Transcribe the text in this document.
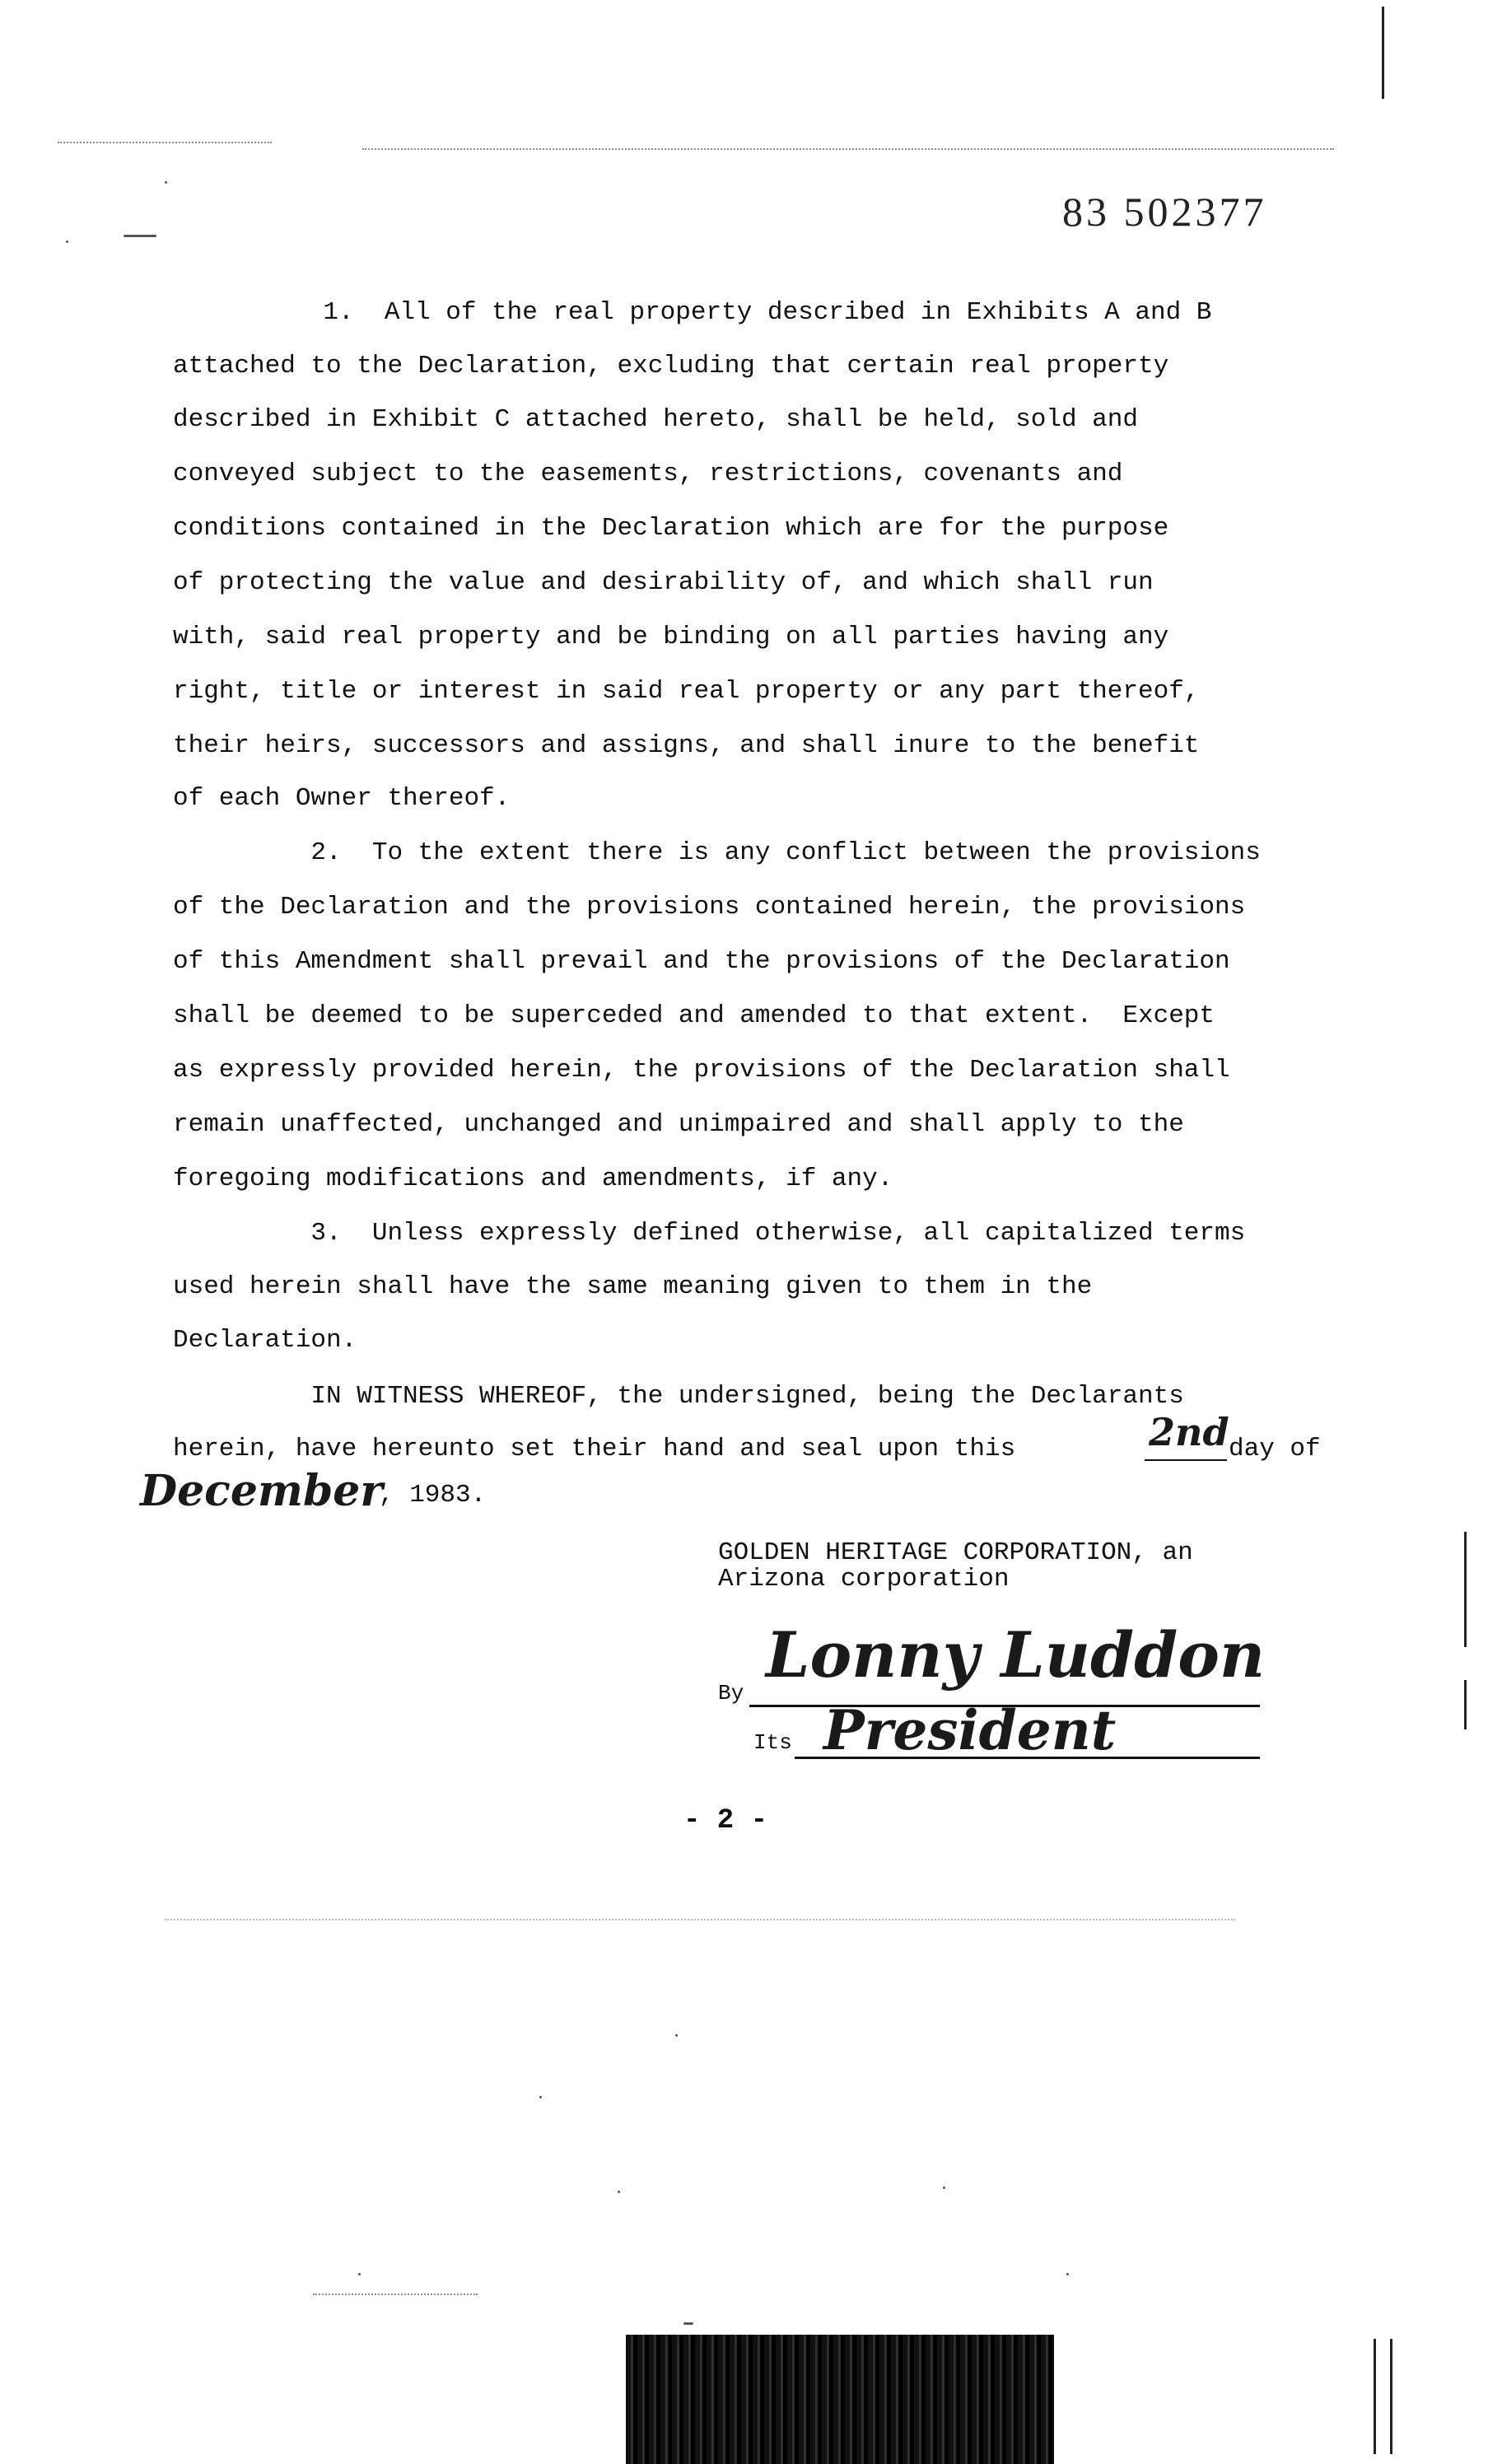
83 502377
1.  All of the real property described in Exhibits A and B
attached to the Declaration, excluding that certain real property
described in Exhibit C attached hereto, shall be held, sold and
conveyed subject to the easements, restrictions, covenants and
conditions contained in the Declaration which are for the purpose
of protecting the value and desirability of, and which shall run
with, said real property and be binding on all parties having any
right, title or interest in said real property or any part thereof,
their heirs, successors and assigns, and shall inure to the benefit
of each Owner thereof.
2.  To the extent there is any conflict between the provisions
of the Declaration and the provisions contained herein, the provisions
of this Amendment shall prevail and the provisions of the Declaration
shall be deemed to be superceded and amended to that extent.  Except
as expressly provided herein, the provisions of the Declaration shall
remain unaffected, unchanged and unimpaired and shall apply to the
foregoing modifications and amendments, if any.
3.  Unless expressly defined otherwise, all capitalized terms
used herein shall have the same meaning given to them in the
Declaration.
IN WITNESS WHEREOF, the undersigned, being the Declarants
herein, have hereunto set their hand and seal upon this	2nd day of
December
, 1983.
GOLDEN HERITAGE CORPORATION, an
Arizona corporation
By
Lonny Luddon
Its President
- 2 -
